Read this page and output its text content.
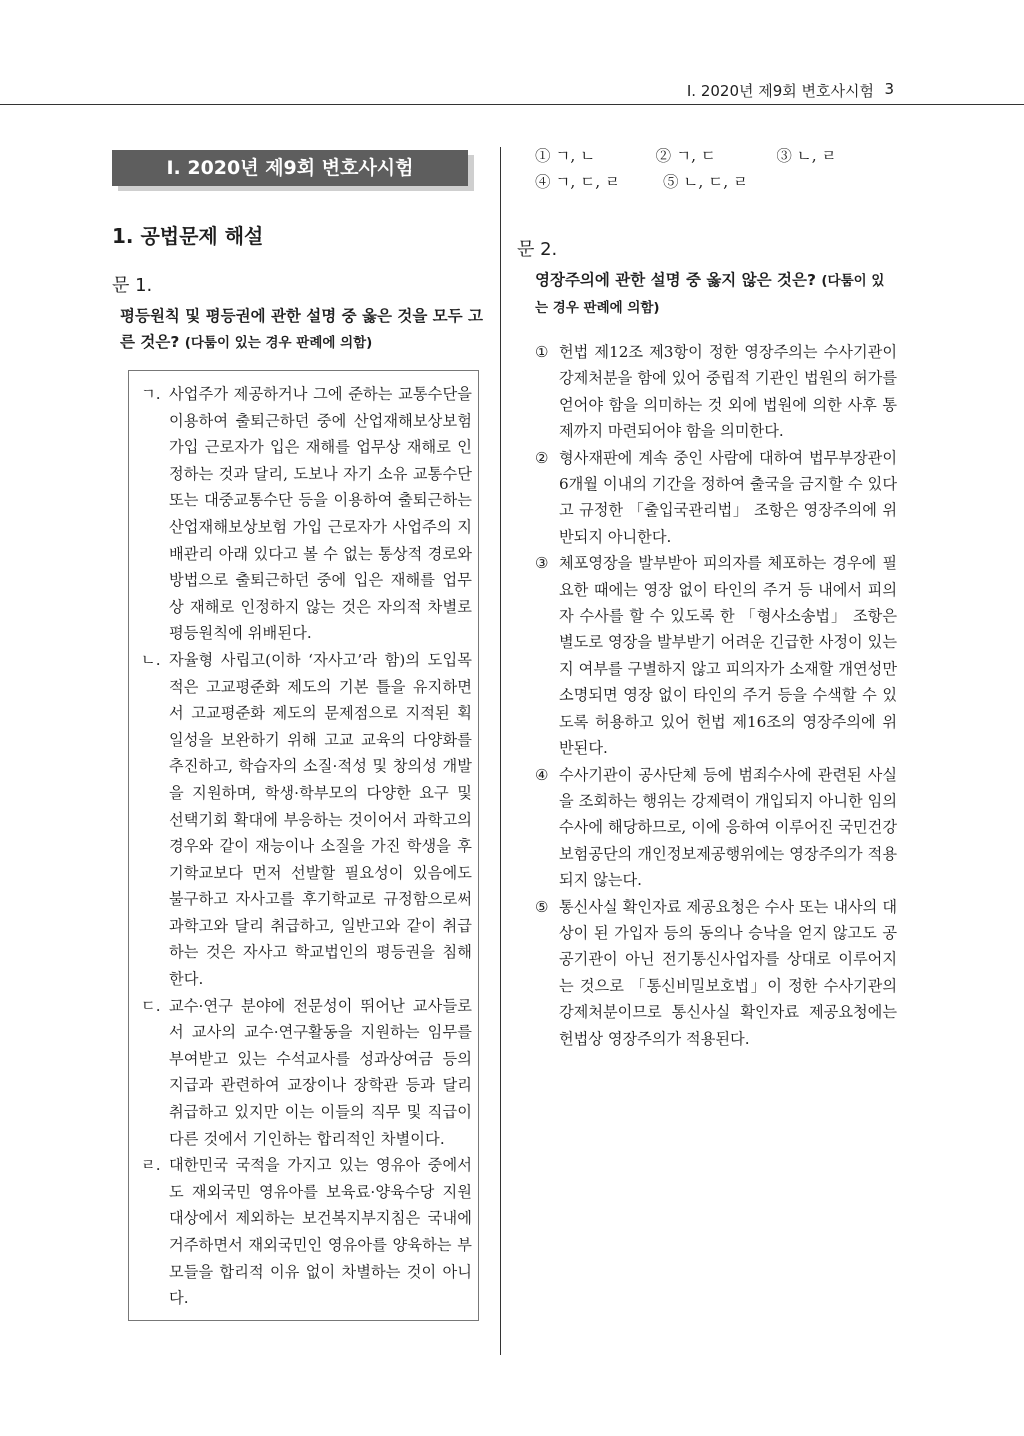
Ⅰ. 2020년 제9회 변호사시험 3
Ⅰ. 2020년 제9회 변호사시험
1. 공법문제 해설
문 1.
평등원칙 및 평등권에 관한 설명 중 옳은 것을 모두 고른 것은? (다툼이 있는 경우 판례에 의함)
ㄱ. 사업주가 제공하거나 그에 준하는 교통수단을 이용하여 출퇴근하던 중에 산업재해보상보험 가입 근로자가 입은 재해를 업무상 재해로 인정하는 것과 달리, 도보나 자기 소유 교통수단 또는 대중교통수단 등을 이용하여 출퇴근하는 산업재해보상보험 가입 근로자가 사업주의 지배관리 아래 있다고 볼 수 없는 통상적 경로와 방법으로 출퇴근하던 중에 입은 재해를 업무상 재해로 인정하지 않는 것은 자의적 차별로 평등원칙에 위배된다.
ㄴ. 자율형 사립고(이하 ‘자사고’라 함)의 도입목적은 고교평준화 제도의 기본 틀을 유지하면서 고교평준화 제도의 문제점으로 지적된 획일성을 보완하기 위해 고교 교육의 다양화를 추진하고, 학습자의 소질·적성 및 창의성 개발을 지원하며, 학생·학부모의 다양한 요구 및 선택기회 확대에 부응하는 것이어서 과학고의 경우와 같이 재능이나 소질을 가진 학생을 후기학교보다 먼저 선발할 필요성이 있음에도 불구하고 자사고를 후기학교로 규정함으로써 과학고와 달리 취급하고, 일반고와 같이 취급하는 것은 자사고 학교법인의 평등권을 침해한다.
ㄷ. 교수·연구 분야에 전문성이 뛰어난 교사들로서 교사의 교수·연구활동을 지원하는 임무를 부여받고 있는 수석교사를 성과상여금 등의 지급과 관련하여 교장이나 장학관 등과 달리 취급하고 있지만 이는 이들의 직무 및 직급이 다른 것에서 기인하는 합리적인 차별이다.
ㄹ. 대한민국 국적을 가지고 있는 영유아 중에서도 재외국민 영유아를 보육료·양육수당 지원대상에서 제외하는 보건복지부지침은 국내에 거주하면서 재외국민인 영유아를 양육하는 부모들을 합리적 이유 없이 차별하는 것이 아니다.
① ㄱ, ㄴ	② ㄱ, ㄷ	③ ㄴ, ㄹ
④ ㄱ, ㄷ, ㄹ	⑤ ㄴ, ㄷ, ㄹ
문 2.
영장주의에 관한 설명 중 옳지 않은 것은? (다툼이 있는 경우 판례에 의함)
① 헌법 제12조 제3항이 정한 영장주의는 수사기관이 강제처분을 함에 있어 중립적 기관인 법원의 허가를 얻어야 함을 의미하는 것 외에 법원에 의한 사후 통제까지 마련되어야 함을 의미한다.
② 형사재판에 계속 중인 사람에 대하여 법무부장관이 6개월 이내의 기간을 정하여 출국을 금지할 수 있다고 규정한 「출입국관리법」 조항은 영장주의에 위반되지 아니한다.
③ 체포영장을 발부받아 피의자를 체포하는 경우에 필요한 때에는 영장 없이 타인의 주거 등 내에서 피의자 수사를 할 수 있도록 한 「형사소송법」 조항은 별도로 영장을 발부받기 어려운 긴급한 사정이 있는지 여부를 구별하지 않고 피의자가 소재할 개연성만 소명되면 영장 없이 타인의 주거 등을 수색할 수 있도록 허용하고 있어 헌법 제16조의 영장주의에 위반된다.
④ 수사기관이 공사단체 등에 범죄수사에 관련된 사실을 조회하는 행위는 강제력이 개입되지 아니한 임의수사에 해당하므로, 이에 응하여 이루어진 국민건강보험공단의 개인정보제공행위에는 영장주의가 적용되지 않는다.
⑤ 통신사실 확인자료 제공요청은 수사 또는 내사의 대상이 된 가입자 등의 동의나 승낙을 얻지 않고도 공공기관이 아닌 전기통신사업자를 상대로 이루어지는 것으로 「통신비밀보호법」이 정한 수사기관의 강제처분이므로 통신사실 확인자료 제공요청에는 헌법상 영장주의가 적용된다.
